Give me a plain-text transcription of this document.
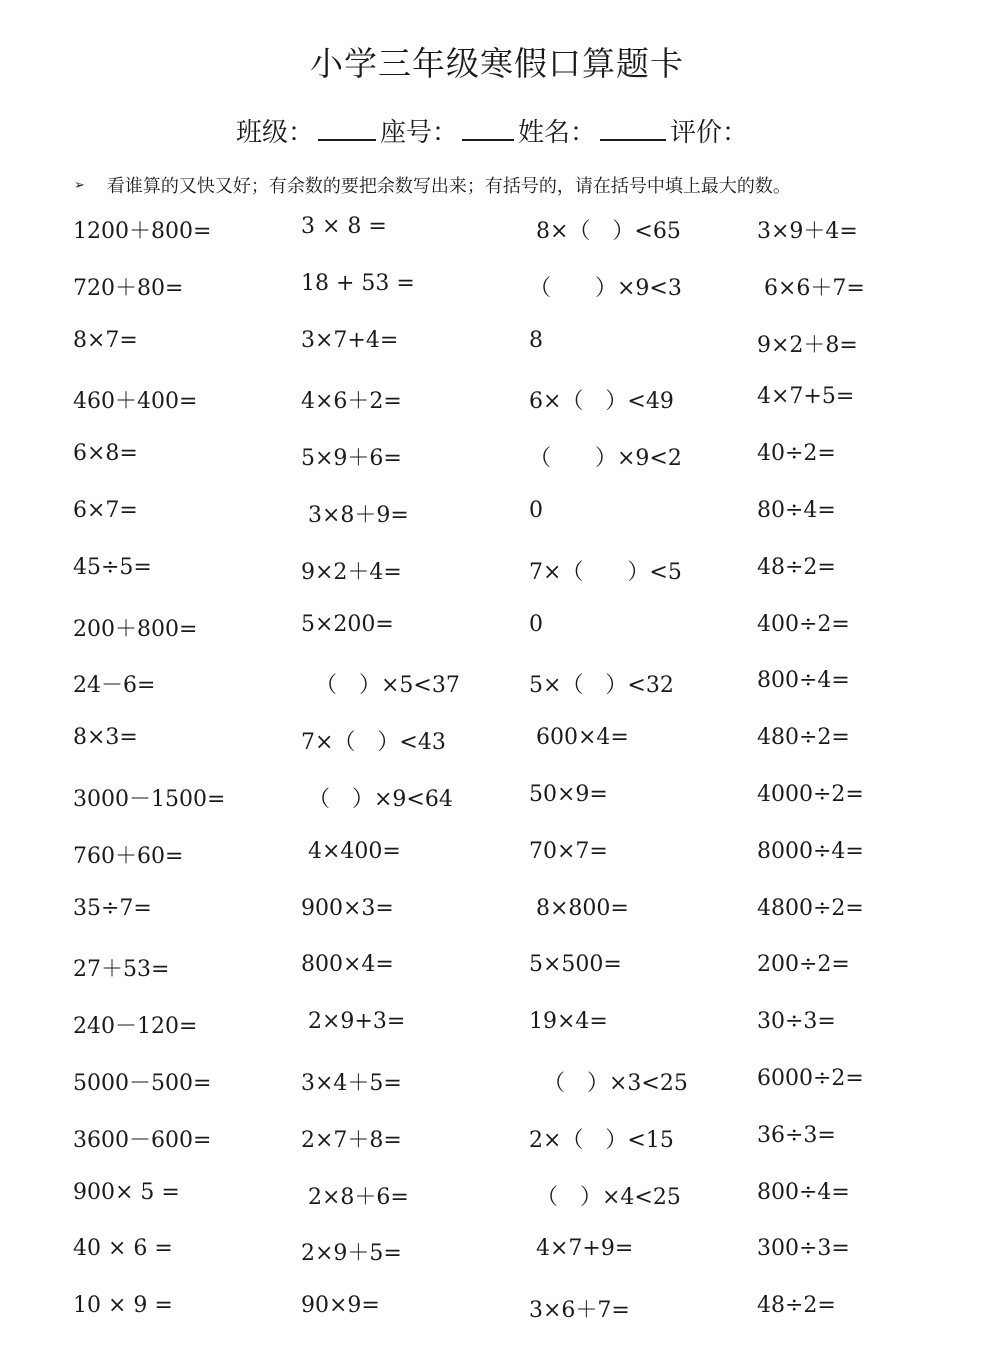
小学三年级寒假口算题卡
班级：	座号： 姓名：	评价：
➢ 看谁算的又快又好；有余数的要把余数写出来；有括号的，请在括号中填上最大的数。
1200＋800=	3 × 8 =	8×（　）<65	3×9＋4=
720＋80=	18 + 53 =	（　　）×9<3	6×6＋7=
8×7=	3×7+4=	8	9×2＋8=
460＋400=	4×6＋2=	6×（　）<49	4×7+5=
6×8=	5×9＋6=	（　　）×9<2	40÷2=
6×7=	3×8＋9=	0	80÷4=
45÷5=	9×2＋4=	7×（　　）<5	48÷2=
200＋800=	5×200=	0	400÷2=
24－6=	（　）×5<37	5×（　）<32	800÷4=
8×3=	7×（　）<43	600×4=	480÷2=
3000－1500=	（　）×9<64	50×9=	4000÷2=
760＋60=	4×400=	70×7=	8000÷4=
35÷7=	900×3=	8×800=	4800÷2=
27＋53=	800×4=	5×500=	200÷2=
240－120=	2×9+3=	19×4=	30÷3=
5000－500=	3×4＋5=	（　）×3<25	6000÷2=
3600－600=	2×7＋8=	2×（　）<15	36÷3=
900× 5 =	2×8＋6=	（　）×4<25	800÷4=
40 × 6 =	2×9＋5=	4×7+9=	300÷3=
10 × 9 =	90×9=	3×6＋7=	48÷2=
